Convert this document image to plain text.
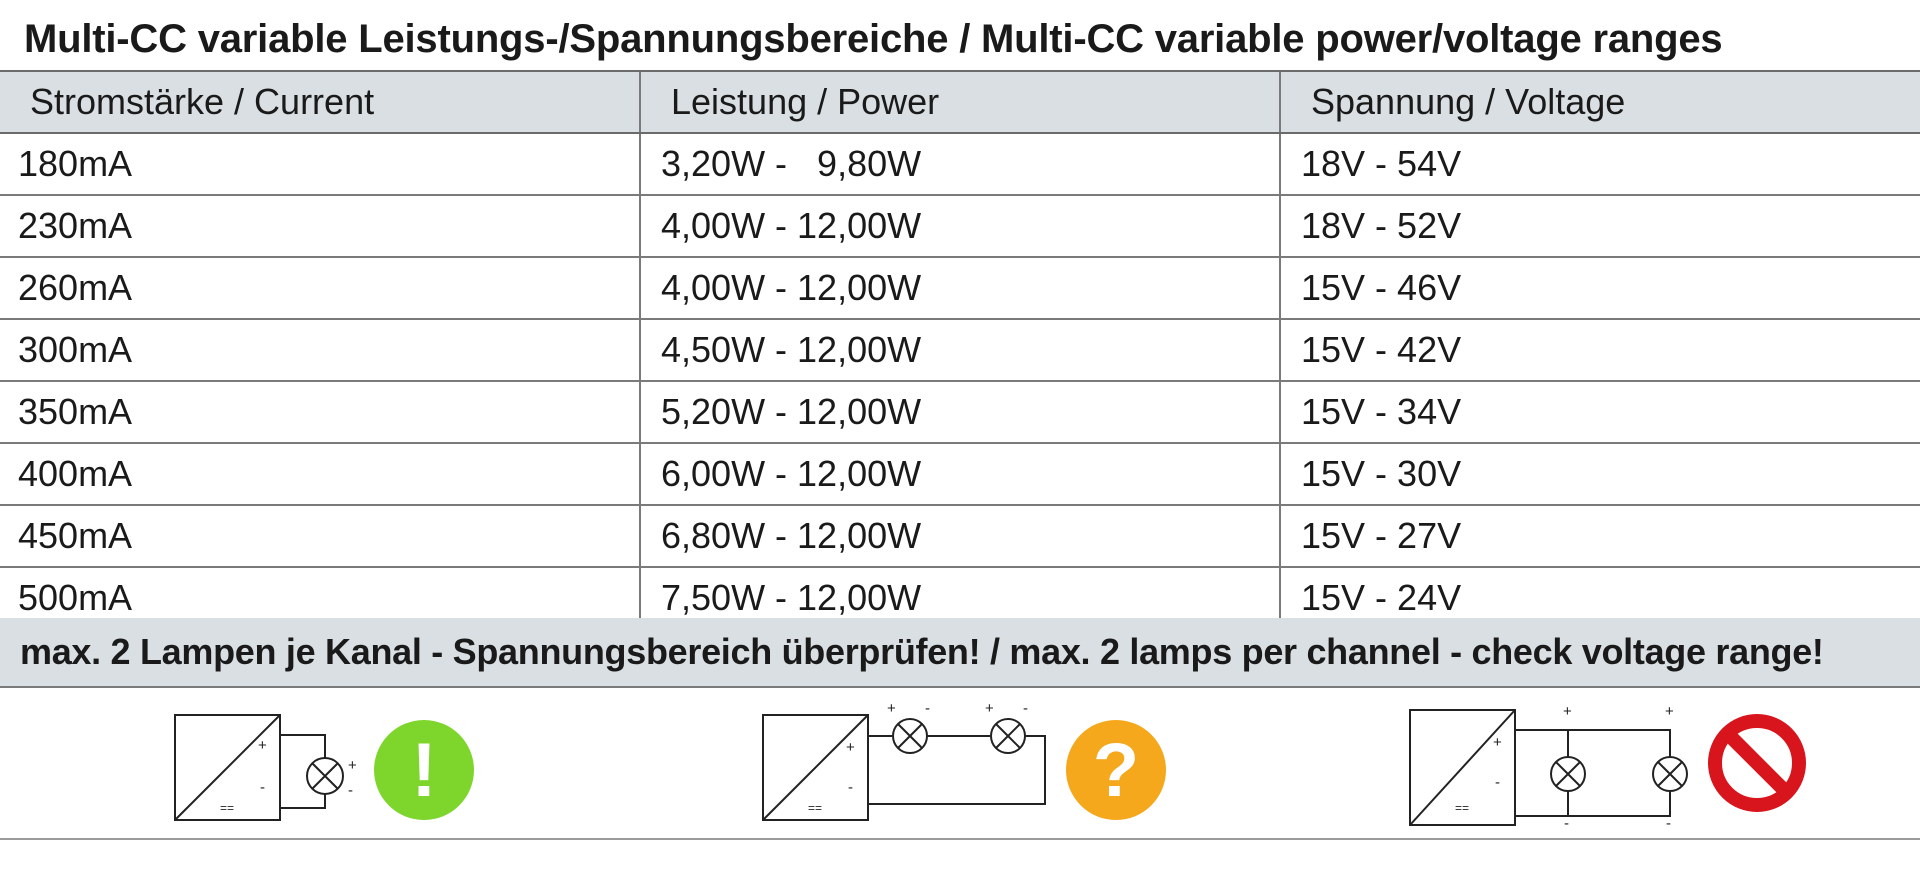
Multi-CC variable Leistungs-/Spannungsbereiche / Multi-CC variable power/voltage ranges
Stromstärke / Current	Leistung / Power	Spannung / Voltage
180mA	3,20W -   9,80W	18V - 54V
230mA	4,00W - 12,00W	18V - 52V
260mA	4,00W - 12,00W	15V - 46V
300mA	4,50W - 12,00W	15V - 42V
350mA	5,20W - 12,00W	15V - 34V
400mA	6,00W - 12,00W	15V - 30V
450mA	6,80W - 12,00W	15V - 27V
500mA	7,50W - 12,00W	15V - 24V
max. 2 Lampen je Kanal - Spannungsbereich überprüfen! / max. 2 lamps per channel - check voltage range!
+
-
+
-
== !	+
-
+ -	+ -
==	?	+
-
+	+
-	-
==
